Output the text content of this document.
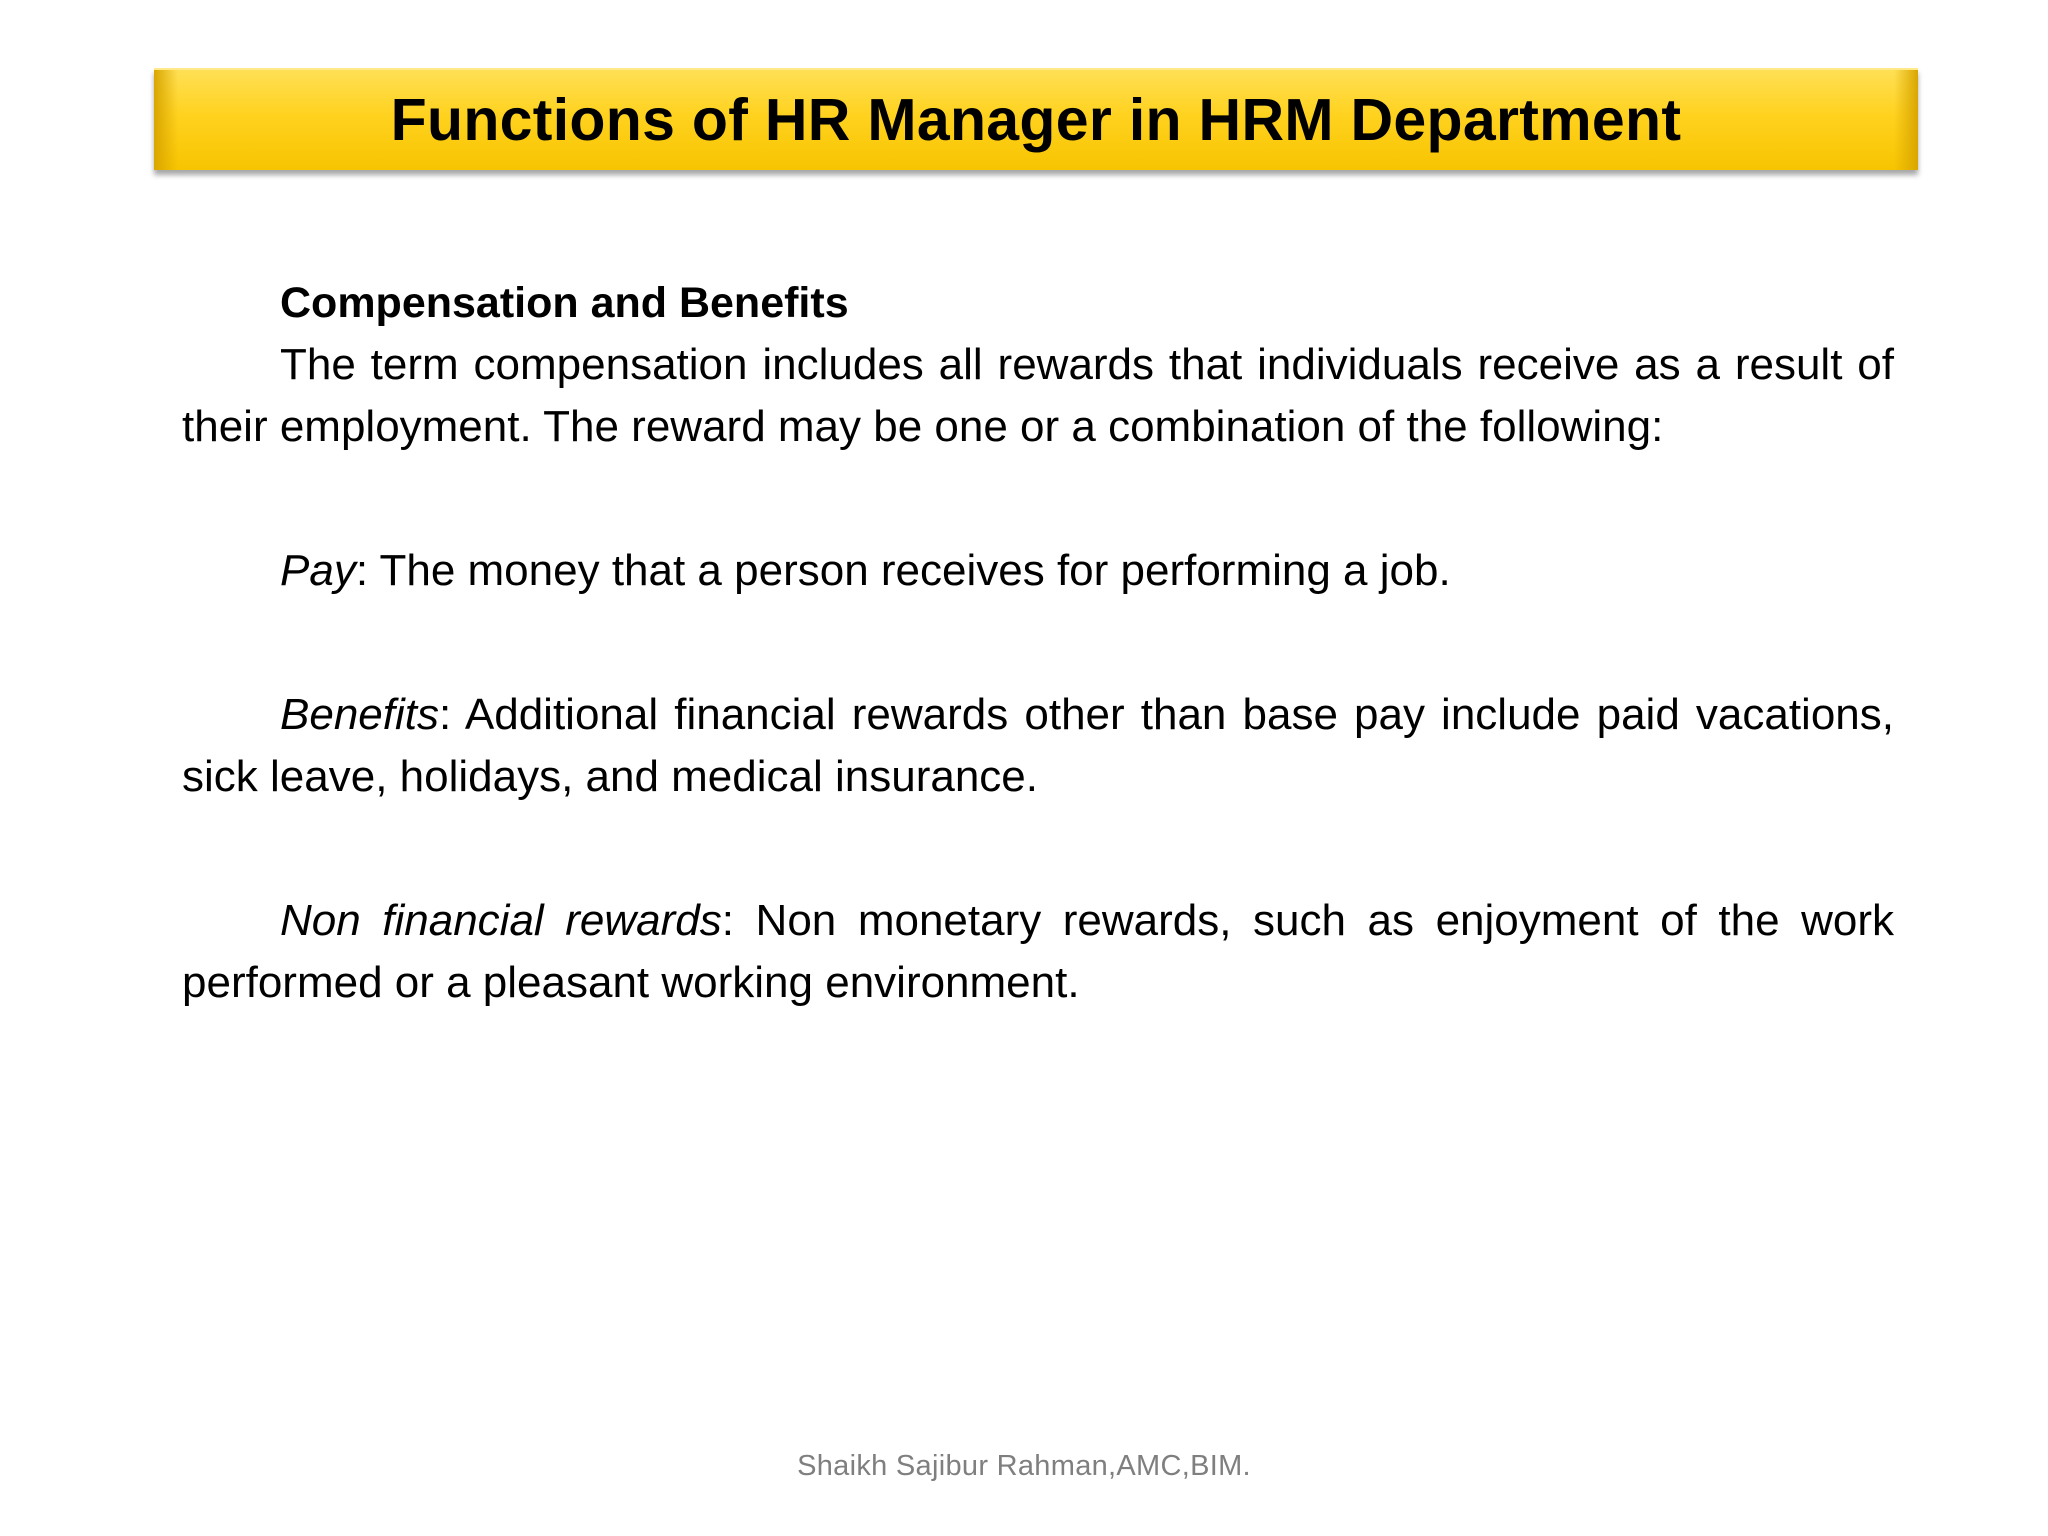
Functions of HR Manager in HRM Department

Compensation and Benefits

The term compensation includes all rewards that individuals receive as a result of their employment. The reward may be one or a combination of the following:

Pay: The money that a person receives for performing a job.

Benefits: Additional financial rewards other than base pay include paid vacations, sick leave, holidays, and medical insurance.

Non financial rewards: Non monetary rewards, such as enjoyment of the work performed or a pleasant working environment.

Shaikh Sajibur Rahman,AMC,BIM.
